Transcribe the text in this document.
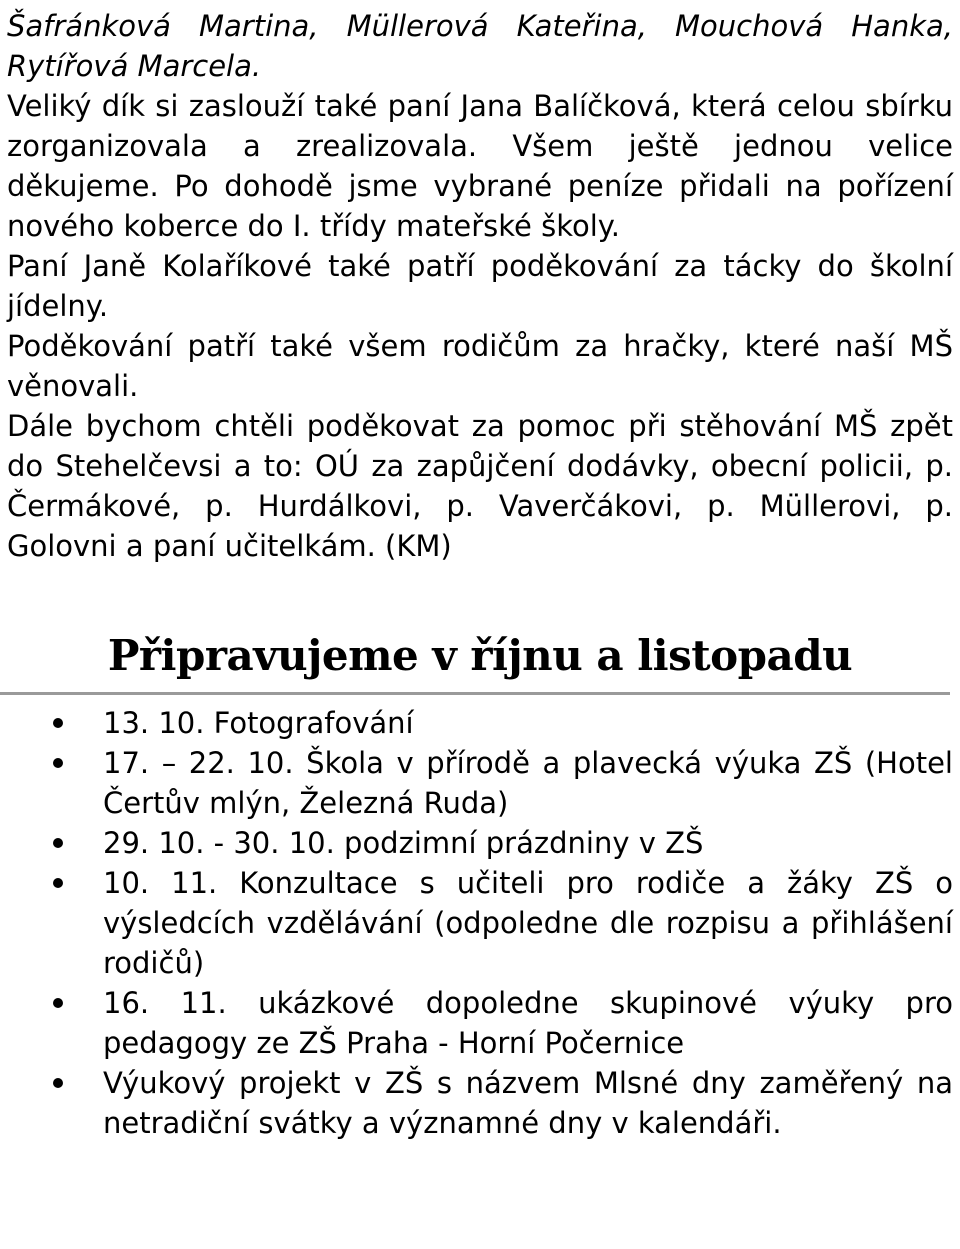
Šafránková Martina, Müllerová Kateřina, Mouchová Hanka, Rytířová Marcela.

Veliký dík si zaslouží také paní Jana Balíčková, která celou sbírku zorganizovala a zrealizovala. Všem ještě jednou velice děkujeme. Po dohodě jsme vybrané peníze přidali na pořízení nového koberce do I. třídy mateřské školy.

Paní Janě Kolaříkové také patří poděkování za tácky do školní jídelny.

Poděkování patří také všem rodičům za hračky, které naší MŠ věnovali.

Dále bychom chtěli poděkovat za pomoc při stěhování MŠ zpět do Stehelčevsi a to: OÚ za zapůjčení dodávky, obecní policii, p. Čermákové, p. Hurdálkovi, p. Vaverčákovi, p. Müllerovi, p. Golovni a paní učitelkám. (KM)

Připravujeme v říjnu a listopadu
13. 10. Fotografování
17. – 22. 10. Škola v přírodě a plavecká výuka ZŠ (Hotel Čertův mlýn, Železná Ruda)
29. 10. - 30. 10. podzimní prázdniny v ZŠ
10. 11. Konzultace s učiteli pro rodiče a žáky ZŠ o výsledcích vzdělávání (odpoledne dle rozpisu a přihlášení rodičů)
16. 11. ukázkové dopoledne skupinové výuky pro pedagogy ze ZŠ Praha - Horní Počernice
Výukový projekt v ZŠ s názvem Mlsné dny zaměřený na netradiční svátky a významné dny v kalendáři.
